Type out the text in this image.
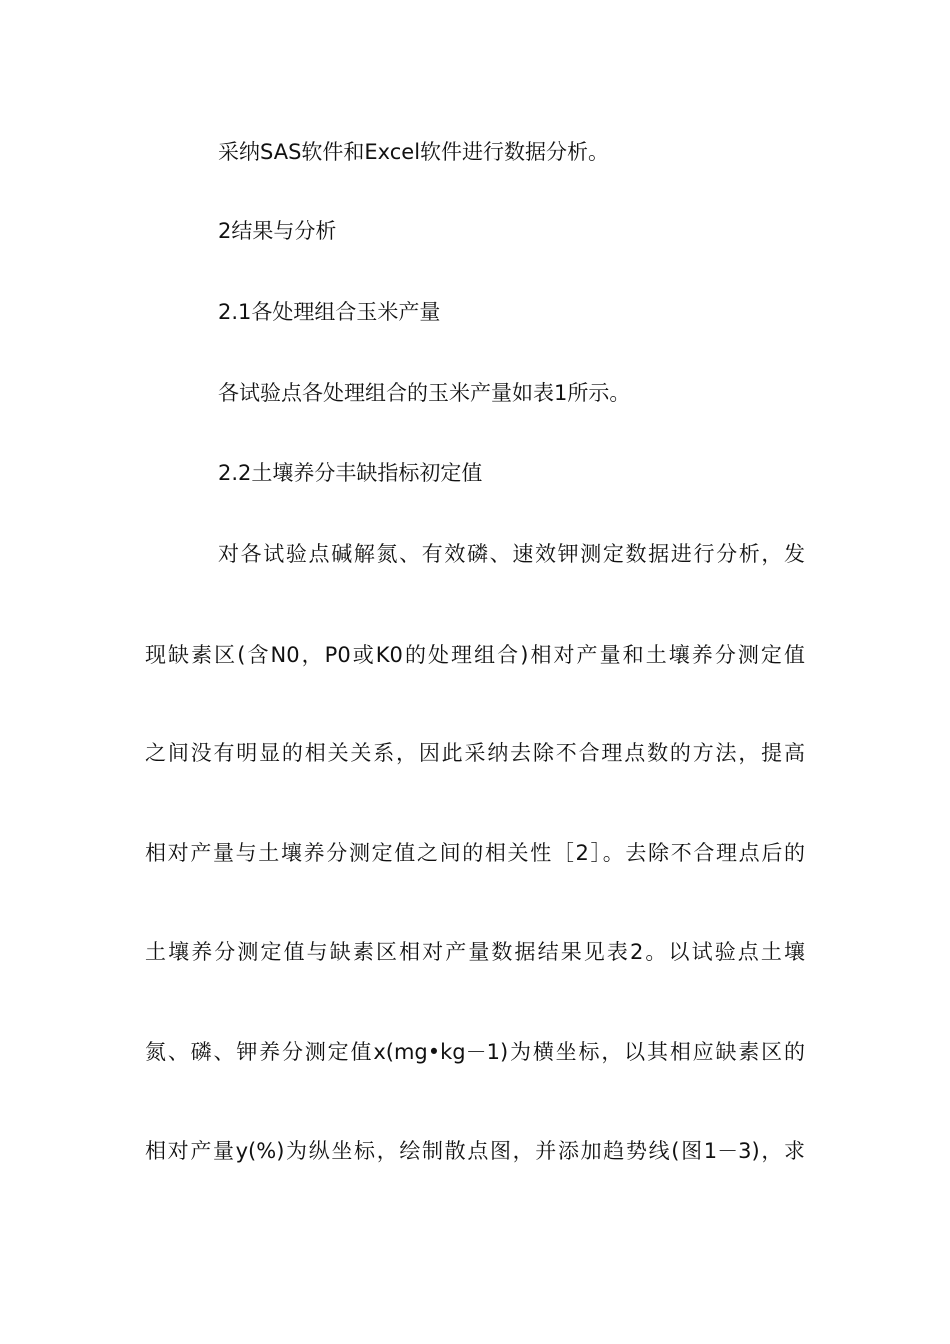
采纳SAS软件和Excel软件进行数据分析。
2结果与分析
2.1各处理组合玉米产量
各试验点各处理组合的玉米产量如表1所示。
2.2土壤养分丰缺指标初定值
对各试验点碱解氮、有效磷、速效钾测定数据进行分析，发
现缺素区(含N0，P0或K0的处理组合)相对产量和土壤养分测定值
之间没有明显的相关关系，因此采纳去除不合理点数的方法，提高
相对产量与土壤养分测定值之间的相关性［2］。去除不合理点后的
土壤养分测定值与缺素区相对产量数据结果见表2。以试验点土壤
氮、磷、钾养分测定值x(mg•kg－1)为横坐标，以其相应缺素区的
相对产量y(%)为纵坐标，绘制散点图，并添加趋势线(图1－3)，求
